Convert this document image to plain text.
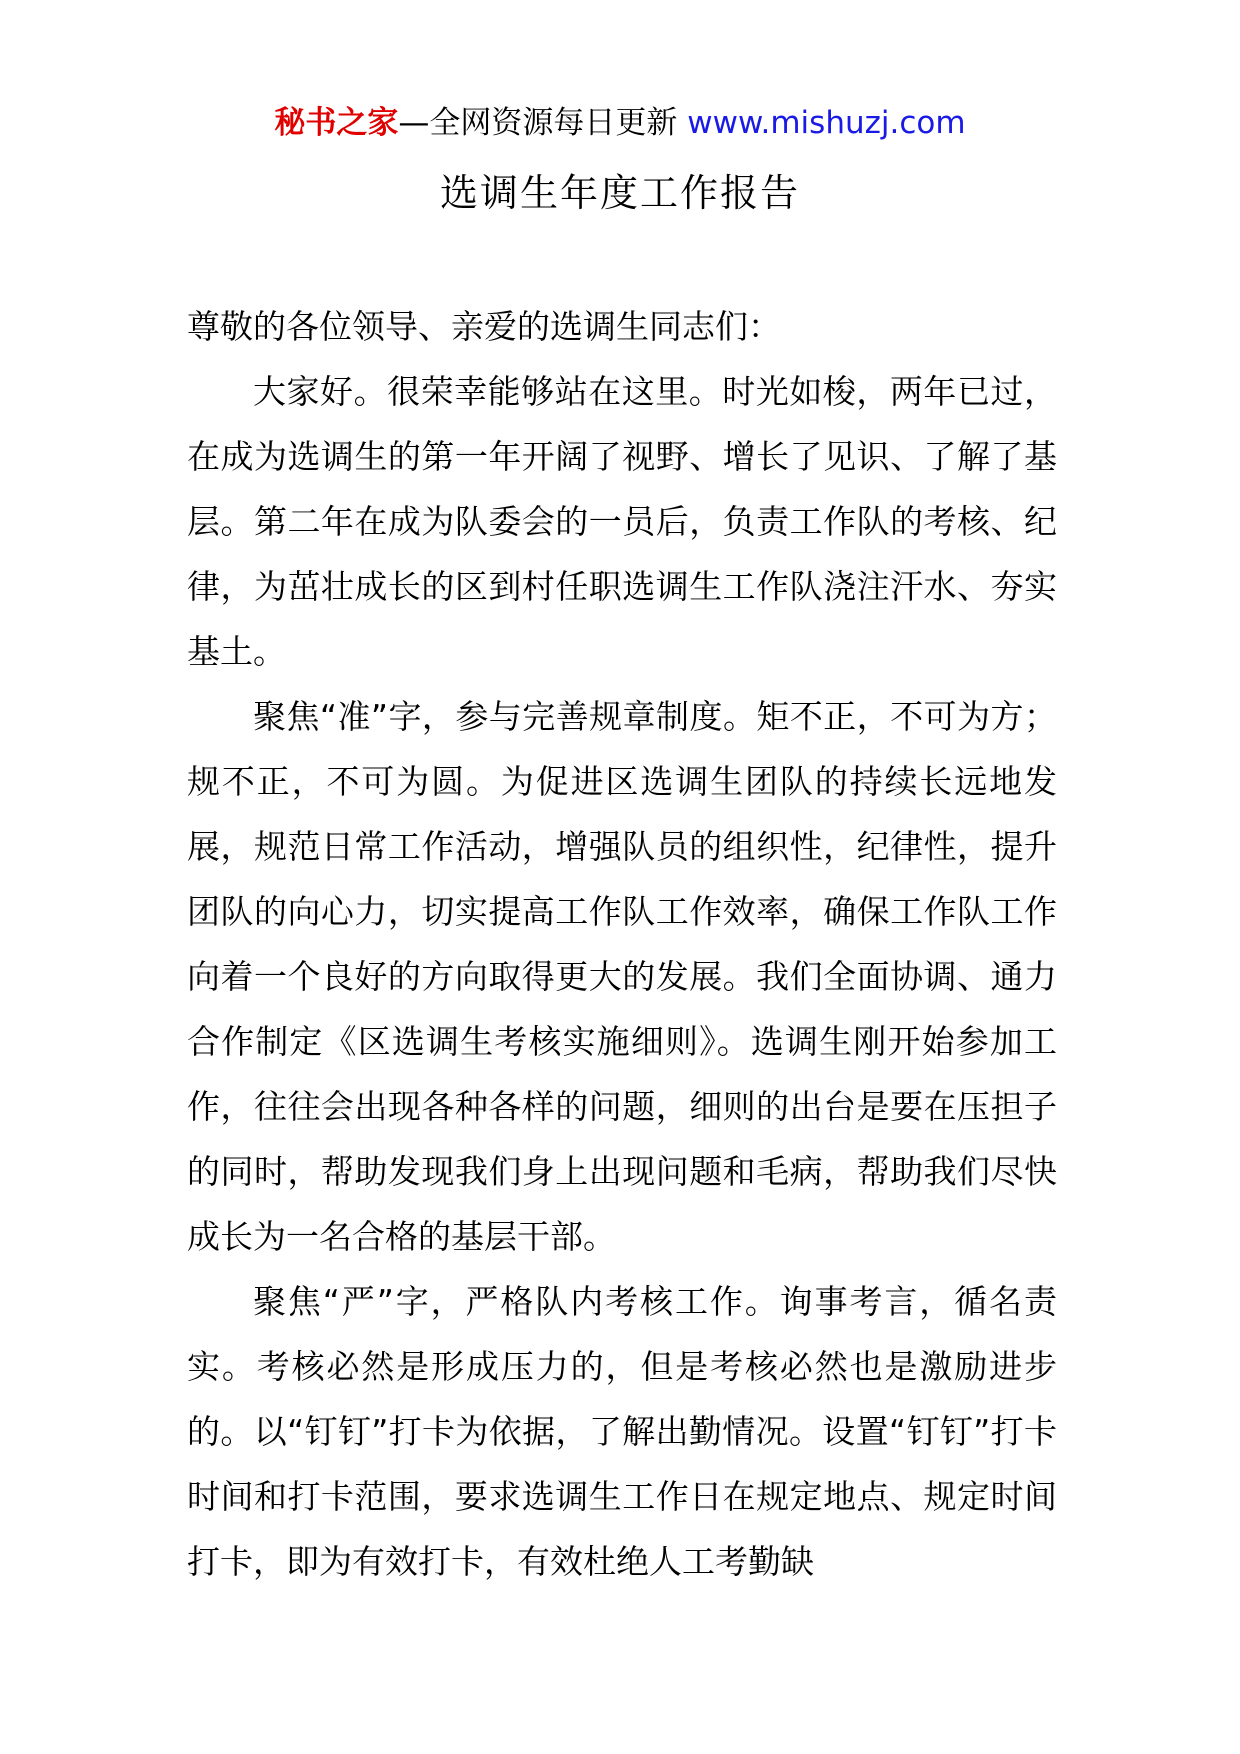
秘书之家—全网资源每日更新 www.mishuzj.com
选调生年度工作报告

尊敬的各位领导、亲爱的选调生同志们：

大家好。很荣幸能够站在这里。时光如梭，两年已过，在成为选调生的第一年开阔了视野、增长了见识、了解了基层。第二年在成为队委会的一员后，负责工作队的考核、纪律，为茁壮成长的区到村任职选调生工作队浇注汗水、夯实基土。

聚焦“准”字，参与完善规章制度。矩不正，不可为方；规不正，不可为圆。为促进区选调生团队的持续长远地发展，规范日常工作活动，增强队员的组织性，纪律性，提升团队的向心力，切实提高工作队工作效率，确保工作队工作向着一个良好的方向取得更大的发展。我们全面协调、通力合作制定《区选调生考核实施细则》。选调生刚开始参加工作，往往会出现各种各样的问题，细则的出台是要在压担子的同时，帮助发现我们身上出现问题和毛病，帮助我们尽快成长为一名合格的基层干部。

聚焦“严”字，严格队内考核工作。询事考言，循名责实。考核必然是形成压力的，但是考核必然也是激励进步的。以“钉钉”打卡为依据，了解出勤情况。设置“钉钉”打卡时间和打卡范围，要求选调生工作日在规定地点、规定时间打卡，即为有效打卡，有效杜绝人工考勤缺
